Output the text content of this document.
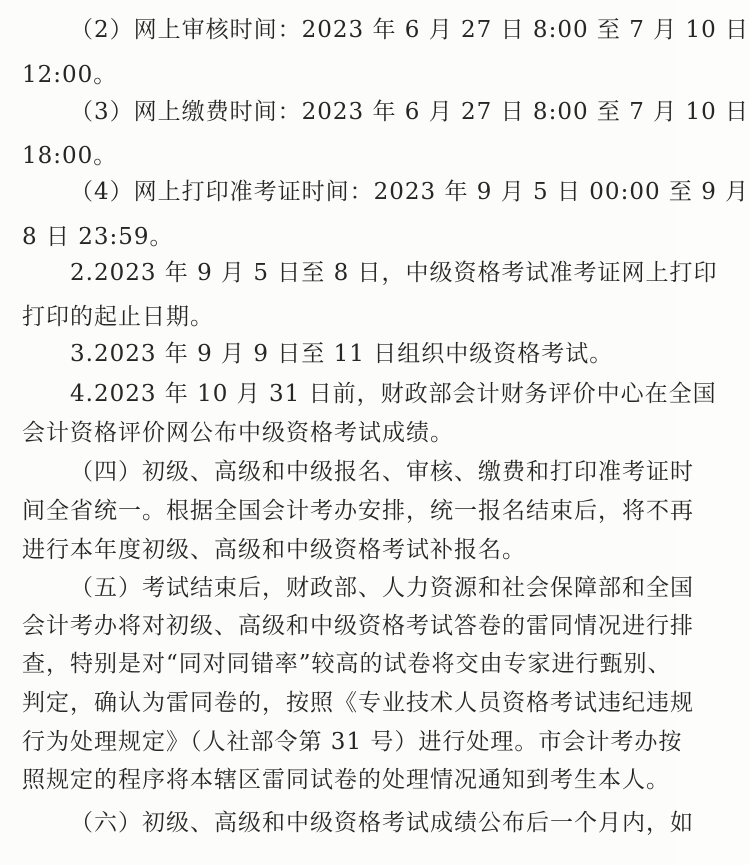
（2）网上审核时间：2023 年 6 月 27 日 8:00 至 7 月 10 日
12:00。
（3）网上缴费时间：2023 年 6 月 27 日 8:00 至 7 月 10 日
18:00。
（4）网上打印准考证时间：2023 年 9 月 5 日 00:00 至 9 月
8 日 23:59。
2.2023 年 9 月 5 日至 8 日，中级资格考试准考证网上打印
打印的起止日期。
3.2023 年 9 月 9 日至 11 日组织中级资格考试。
4.2023 年 10 月 31 日前，财政部会计财务评价中心在全国
会计资格评价网公布中级资格考试成绩。
（四）初级、高级和中级报名、审核、缴费和打印准考证时
间全省统一。根据全国会计考办安排，统一报名结束后，将不再
进行本年度初级、高级和中级资格考试补报名。
（五）考试结束后，财政部、人力资源和社会保障部和全国
会计考办将对初级、高级和中级资格考试答卷的雷同情况进行排
查，特别是对“同对同错率”较高的试卷将交由专家进行甄别、
判定，确认为雷同卷的，按照《专业技术人员资格考试违纪违规
行为处理规定》（人社部令第 31 号）进行处理。市会计考办按
照规定的程序将本辖区雷同试卷的处理情况通知到考生本人。
（六）初级、高级和中级资格考试成绩公布后一个月内，如
